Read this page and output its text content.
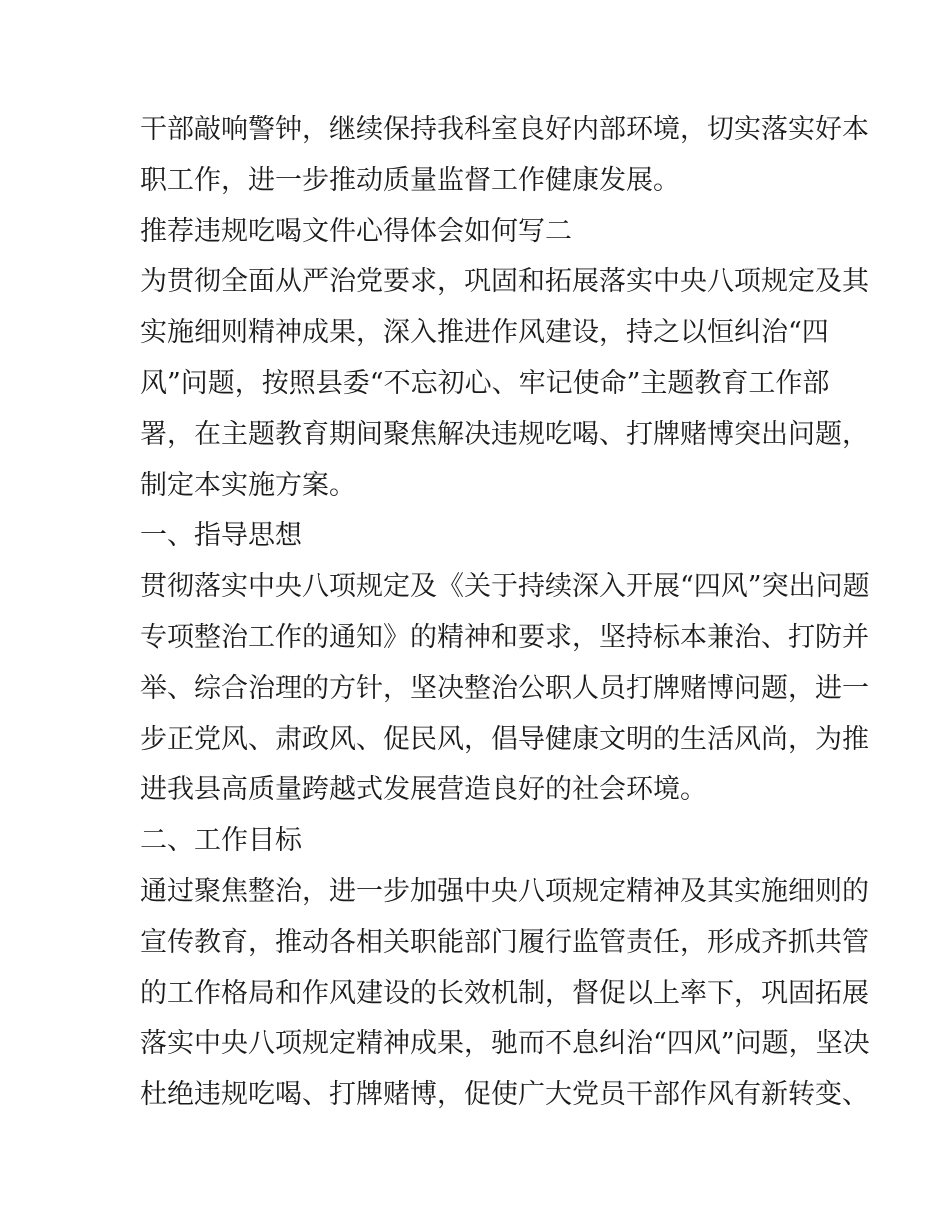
干部敲响警钟，继续保持我科室良好内部环境，切实落实好本
职工作，进一步推动质量监督工作健康发展。
推荐违规吃喝文件心得体会如何写二
为贯彻全面从严治党要求，巩固和拓展落实中央八项规定及其
实施细则精神成果，深入推进作风建设，持之以恒纠治“四
风”问题，按照县委“不忘初心、牢记使命”主题教育工作部
署，在主题教育期间聚焦解决违规吃喝、打牌赌博突出问题，
制定本实施方案。
一、指导思想
贯彻落实中央八项规定及《关于持续深入开展“四风”突出问题
专项整治工作的通知》的精神和要求，坚持标本兼治、打防并
举、综合治理的方针，坚决整治公职人员打牌赌博问题，进一
步正党风、肃政风、促民风，倡导健康文明的生活风尚，为推
进我县高质量跨越式发展营造良好的社会环境。
二、工作目标
通过聚焦整治，进一步加强中央八项规定精神及其实施细则的
宣传教育，推动各相关职能部门履行监管责任，形成齐抓共管
的工作格局和作风建设的长效机制，督促以上率下，巩固拓展
落实中央八项规定精神成果，驰而不息纠治“四风”问题，坚决
杜绝违规吃喝、打牌赌博，促使广大党员干部作风有新转变、
